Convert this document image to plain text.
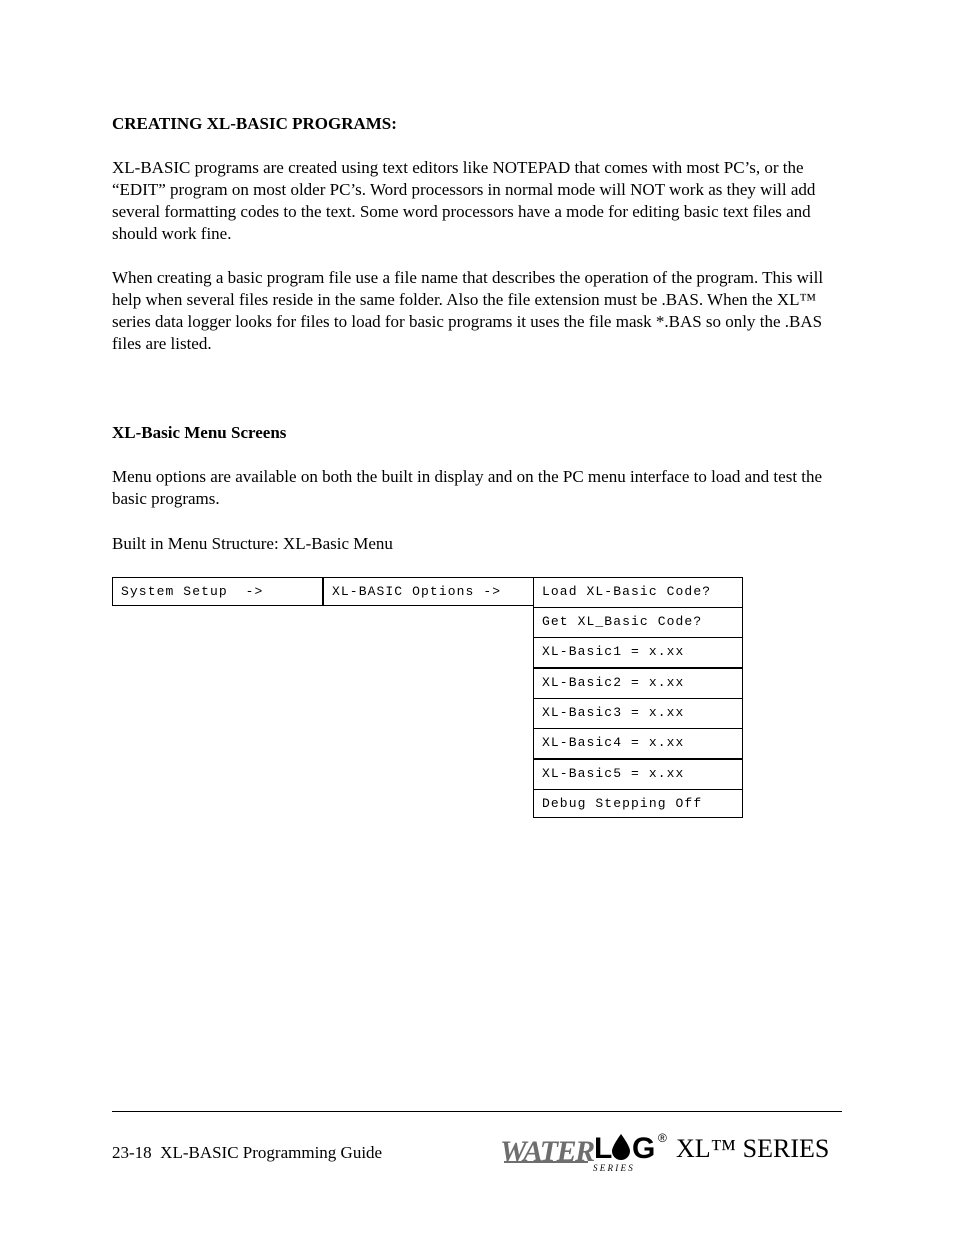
CREATING XL-BASIC PROGRAMS:

XL-BASIC programs are created using text editors like NOTEPAD that comes with most PC’s, or the “EDIT” program on most older PC’s. Word processors in normal mode will NOT work as they will add several formatting codes to the text. Some word processors have a mode for editing basic text files and should work fine.

When creating a basic program file use a file name that describes the operation of the program. This will help when several files reside in the same folder. Also the file extension must be .BAS. When the XL™ series data logger looks for files to load for basic programs it uses the file mask *.BAS so only the .BAS files are listed.

XL-Basic Menu Screens

Menu options are available on both the built in display and on the PC menu interface to load and test the basic programs.

Built in Menu Structure: XL-Basic Menu

System Setup  ->	XL-BASIC Options ->	Load XL-Basic Code?
Get XL_Basic Code?
XL-Basic1 = x.xx
XL-Basic2 = x.xx
XL-Basic3 = x.xx
XL-Basic4 = x.xx
XL-Basic5 = x.xx
Debug Stepping Off
23-18  XL-BASIC Programming Guide	WATER L G ®
S E R I E S
XL™ SERIES
